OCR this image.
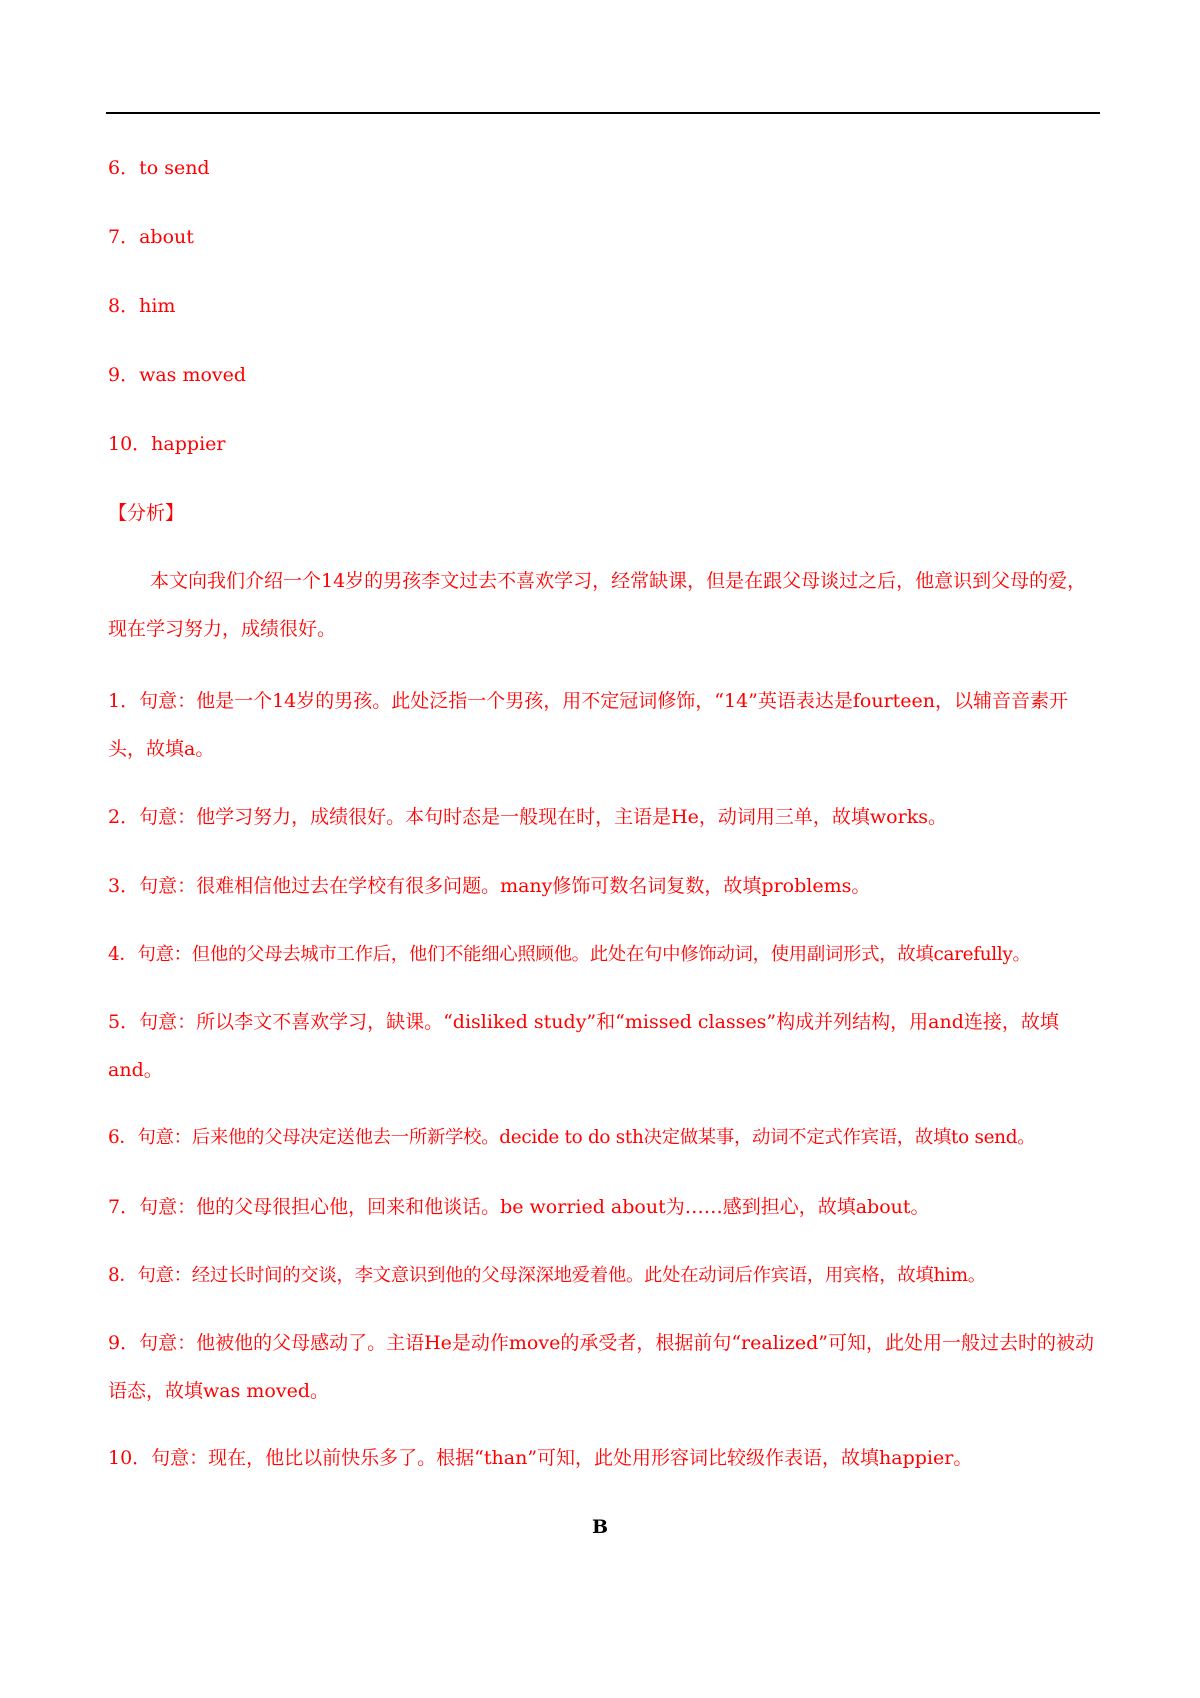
6．to send
7．about
8．him
9．was moved
10．happier
【分析】
本文向我们介绍一个14岁的男孩李文过去不喜欢学习，经常缺课，但是在跟父母谈过之后，他意识到父母的爱，现在学习努力，成绩很好。
1．句意：他是一个14岁的男孩。此处泛指一个男孩，用不定冠词修饰，“14”英语表达是fourteen，以辅音音素开头，故填a。
2．句意：他学习努力，成绩很好。本句时态是一般现在时，主语是He，动词用三单，故填works。
3．句意：很难相信他过去在学校有很多问题。many修饰可数名词复数，故填problems。
4．句意：但他的父母去城市工作后，他们不能细心照顾他。此处在句中修饰动词，使用副词形式，故填carefully。
5．句意：所以李文不喜欢学习，缺课。“disliked study”和“missed classes”构成并列结构，用and连接，故填and。
6．句意：后来他的父母决定送他去一所新学校。decide to do sth决定做某事，动词不定式作宾语，故填to send。
7．句意：他的父母很担心他，回来和他谈话。be worried about为……感到担心，故填about。
8．句意：经过长时间的交谈，李文意识到他的父母深深地爱着他。此处在动词后作宾语，用宾格，故填him。
9．句意：他被他的父母感动了。主语He是动作move的承受者，根据前句“realized”可知，此处用一般过去时的被动语态，故填was moved。
10．句意：现在，他比以前快乐多了。根据“than”可知，此处用形容词比较级作表语，故填happier。
B
